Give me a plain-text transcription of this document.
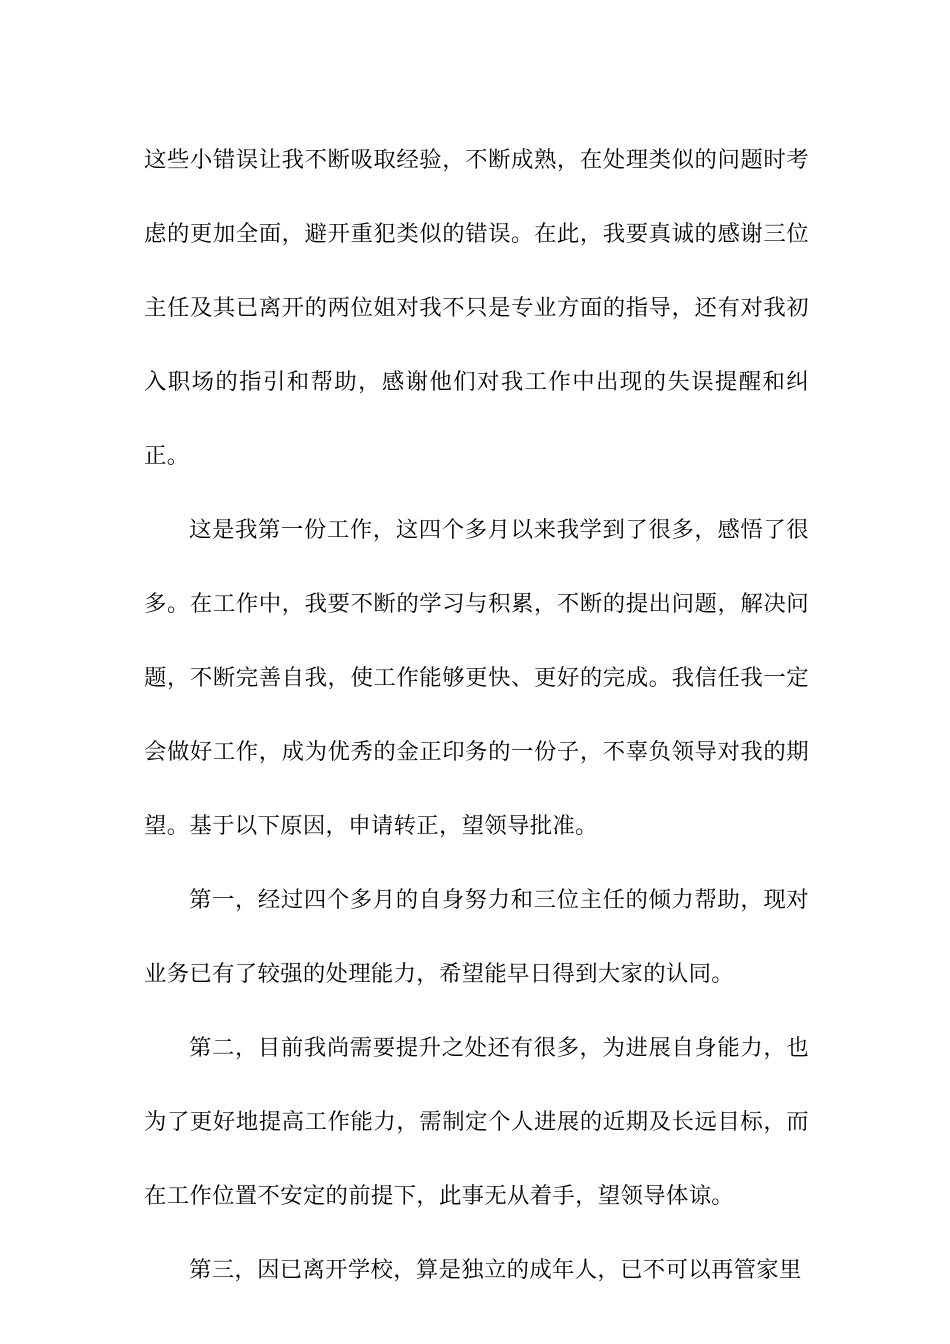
这些小错误让我不断吸取经验，不断成熟，在处理类似的问题时考虑的更加全面，避开重犯类似的错误。在此，我要真诚的感谢三位主任及其已离开的两位姐对我不只是专业方面的指导，还有对我初入职场的指引和帮助，感谢他们对我工作中出现的失误提醒和纠正。

这是我第一份工作，这四个多月以来我学到了很多，感悟了很多。在工作中，我要不断的学习与积累，不断的提出问题，解决问题，不断完善自我，使工作能够更快、更好的完成。我信任我一定会做好工作，成为优秀的金正印务的一份子，不辜负领导对我的期望。基于以下原因，申请转正，望领导批准。

第一，经过四个多月的自身努力和三位主任的倾力帮助，现对业务已有了较强的处理能力，希望能早日得到大家的认同。

第二，目前我尚需要提升之处还有很多，为进展自身能力，也为了更好地提高工作能力，需制定个人进展的近期及长远目标，而在工作位置不安定的前提下，此事无从着手，望领导体谅。

第三，因已离开学校，算是独立的成年人，已不可以再管家里
